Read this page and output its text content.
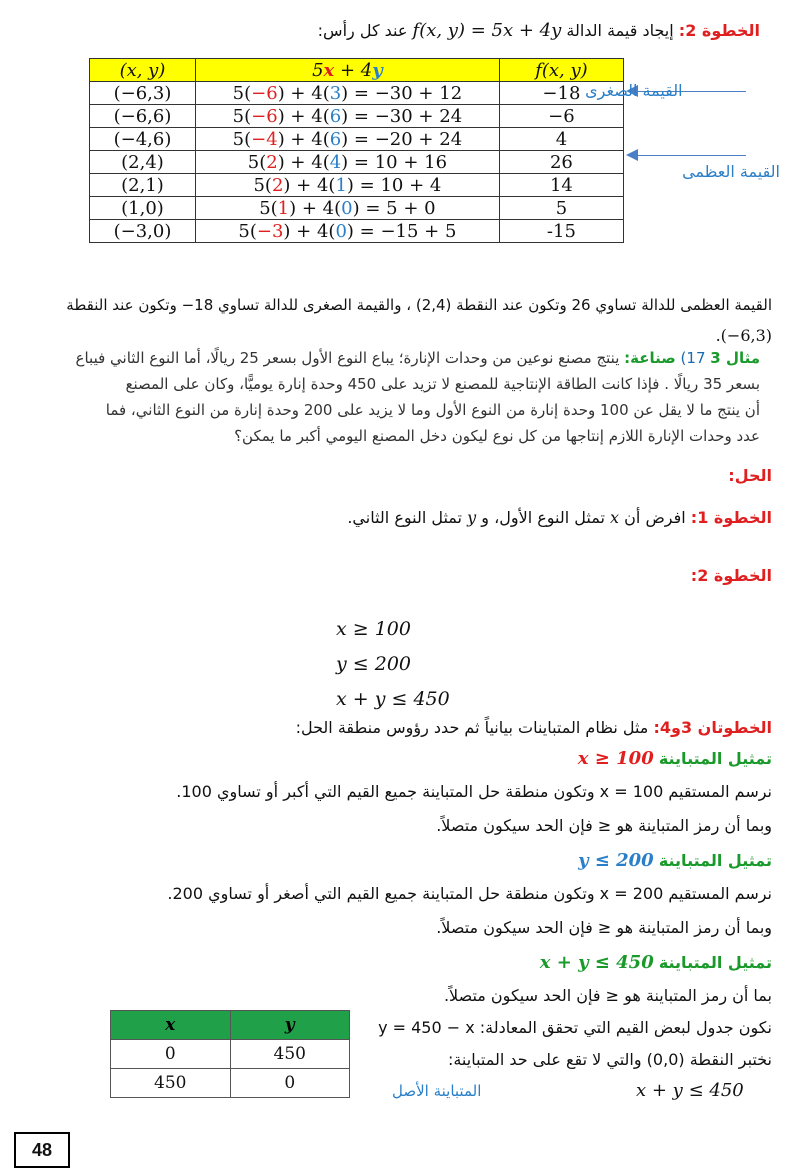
الخطوة 2: إيجاد قيمة الدالة f(x, y) = 5x + 4y عند كل رأس:
(x, y)	5x + 4y	f(x, y)
(−6,3)	5(−6) + 4(3) = −30 + 12	−18
(−6,6)	5(−6) + 4(6) = −30 + 24	−6
(−4,6)	5(−4) + 4(6) = −20 + 24	4
(2,4)	5(2) + 4(4) = 10 + 16	26
(2,1)	5(2) + 4(1) = 10 + 4	14
(1,0)	5(1) + 4(0) = 5 + 0	5
(−3,0)	5(−3) + 4(0) = −15 + 5	-15
القيمة الصغرى
القيمة العظمى
القيمة العظمى للدالة تساوي 26 وتكون عند النقطة (2,4) ، والقيمة الصغرى للدالة تساوي 18− وتكون عند النقطة
.(−6,3)

مثال 3 17) صناعة: ينتج مصنع نوعين من وحدات الإنارة؛ يباع النوع الأول بسعر 25 ريالًا، أما النوع الثاني فيباع

بسعر 35 ريالًا . فإذا كانت الطاقة الإنتاجية للمصنع لا تزيد على 450 وحدة إنارة يوميًّا، وكان على المصنع

أن ينتج ما لا يقل عن 100 وحدة إنارة من النوع الأول وما لا يزيد على 200 وحدة إنارة من النوع الثاني، فما

عدد وحدات الإنارة اللازم إنتاجها من كل نوع ليكون دخل المصنع اليومي أكبر ما يمكن؟

الحل:
الخطوة 1: افرض أن x تمثل النوع الأول، و y تمثل النوع الثاني.
الخطوة 2:
x ≥ 100
y ≤ 200
x + y ≤ 450
الخطوتان 3و4: مثل نظام المتباينات بيانياً ثم حدد رؤوس منطقة الحل:
تمثيل المتباينة x ≥ 100
نرسم المستقيم x = 100 وتكون منطقة حل المتباينة جميع القيم التي أكبر أو تساوي 100.
وبما أن رمز المتباينة هو ≤ فإن الحد سيكون متصلاً.
تمثيل المتباينة y ≤ 200
نرسم المستقيم x = 200 وتكون منطقة حل المتباينة جميع القيم التي أصغر أو تساوي 200.
وبما أن رمز المتباينة هو ≤ فإن الحد سيكون متصلاً.
تمثيل المتباينة x + y ≤ 450
بما أن رمز المتباينة هو ≤ فإن الحد سيكون متصلاً.
نكون جدول لبعض القيم التي تحقق المعادلة: y = 450 − x
نختبر النقطة (0,0) والتي لا تقع على حد المتباينة:
المتباينة الأصل	x + y ≤ 450
x	y
0	450
450	0
48
